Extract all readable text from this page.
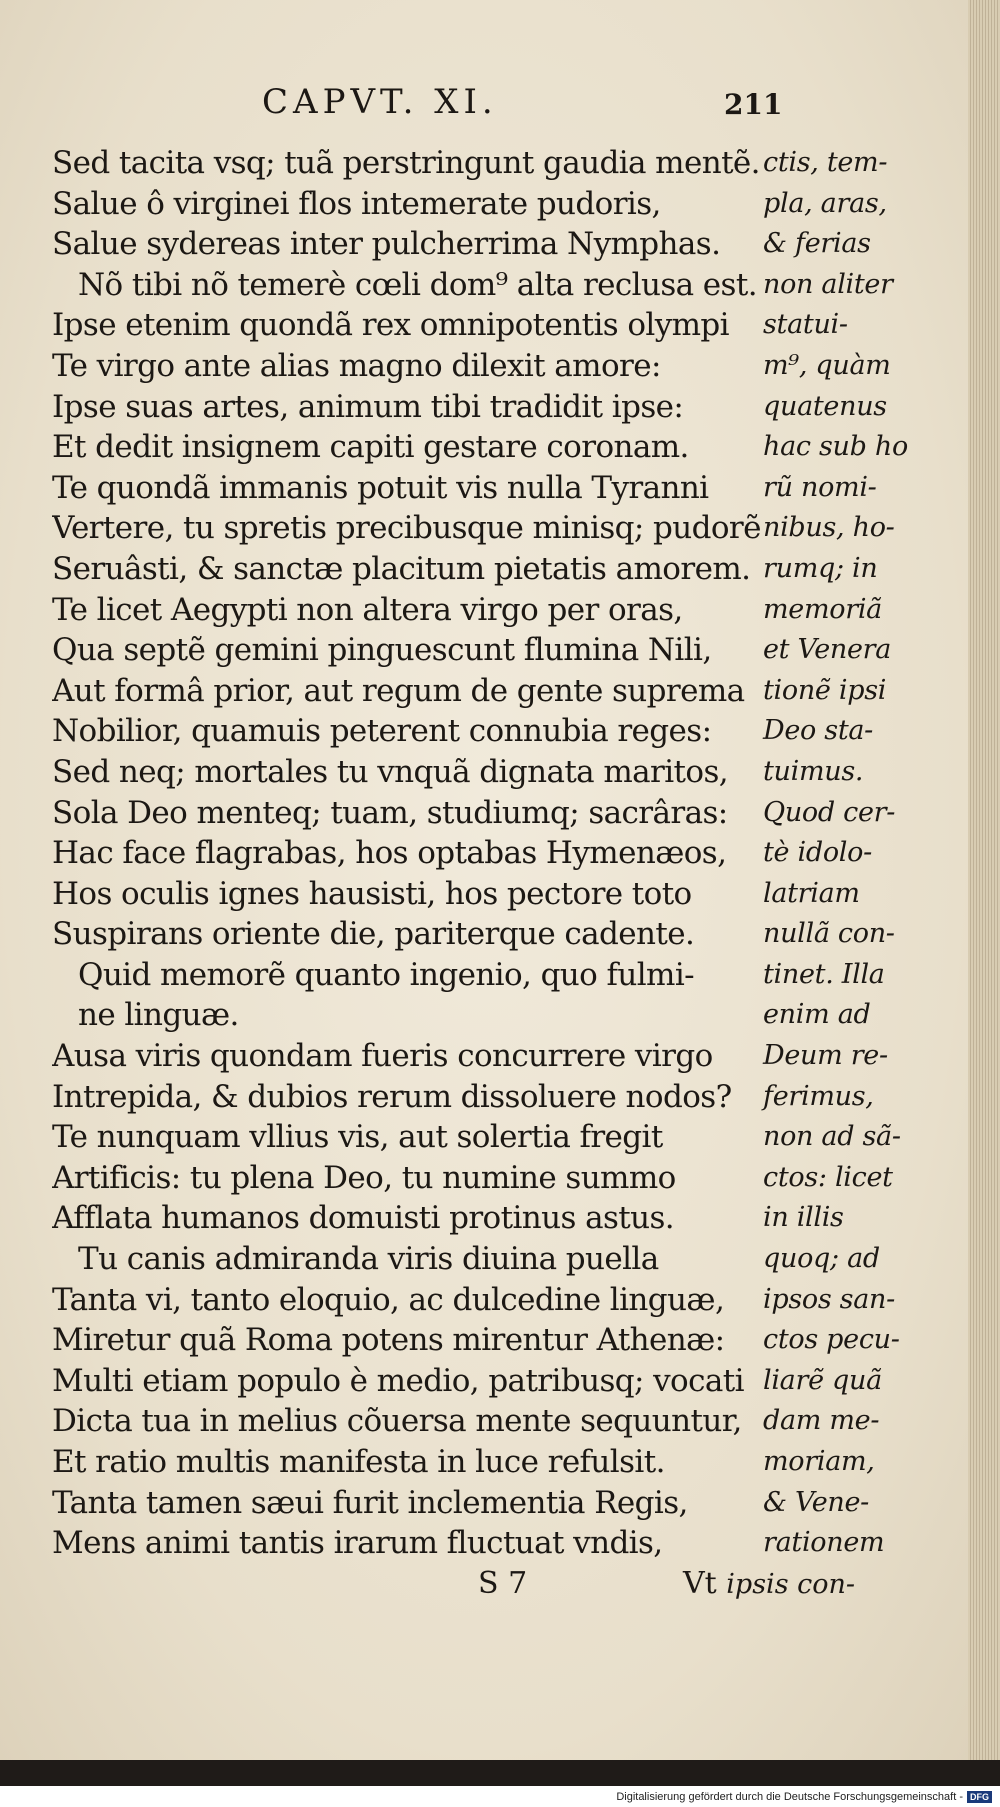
CAPVT. XI.	211
Sed tacita vsq; tuã perstringunt gaudia mentẽ.
Salue ô virginei flos intemerate pudoris,
Salue sydereas inter pulcherrima Nymphas.
Nõ tibi nõ temerè cœli dom⁹ alta reclusa est.
Ipse etenim quondã rex omnipotentis olympi
Te virgo ante alias magno dilexit amore:
Ipse suas artes, animum tibi tradidit ipse:
Et dedit insignem capiti gestare coronam.
Te quondã immanis potuit vis nulla Tyranni
Vertere, tu spretis precibusque minisq; pudorẽ
Seruâsti, & sanctæ placitum pietatis amorem.
Te licet Aegypti non altera virgo per oras,
Qua septẽ gemini pinguescunt flumina Nili,
Aut formâ prior, aut regum de gente suprema
Nobilior, quamuis peterent connubia reges:
Sed neq; mortales tu vnquã dignata maritos,
Sola Deo menteq; tuam, studiumq; sacrâras:
Hac face flagrabas, hos optabas Hymenæos,
Hos oculis ignes hausisti, hos pectore toto
Suspirans oriente die, pariterque cadente.
Quid memorẽ quanto ingenio, quo fulmi-
ne linguæ.
Ausa viris quondam fueris concurrere virgo
Intrepida, & dubios rerum dissoluere nodos?
Te nunquam vllius vis, aut solertia fregit
Artificis: tu plena Deo, tu numine summo
Afflata humanos domuisti protinus astus.
Tu canis admiranda viris diuina puella
Tanta vi, tanto eloquio, ac dulcedine linguæ,
Miretur quã Roma potens mirentur Athenæ:
Multi etiam populo è medio, patribusq; vocati
Dicta tua in melius cõuersa mente sequuntur,
Et ratio multis manifesta in luce refulsit.
Tanta tamen sæui furit inclementia Regis,
Mens animi tantis irarum fluctuat vndis,
ctis, tem-
pla, aras,
& ferias
non aliter
statui-
m⁹, quàm
quatenus
hac sub ho
rũ nomi-
nibus, ho-
rumq; in
memoriã
et Venera
tionẽ ipsi
Deo sta-
tuimus.
Quod cer-
tè idolo-
latriam
nullã con-
tinet. Illa
enim ad
Deum re-
ferimus,
non ad sã-
ctos: licet
in illis
quoq; ad
ipsos san-
ctos pecu-
liarẽ quã
dam me-
moriam,
& Vene-
rationem
S 7	Vt ipsis con-
Digitalisierung gefördert durch die Deutsche Forschungsgemeinschaft - DFG
